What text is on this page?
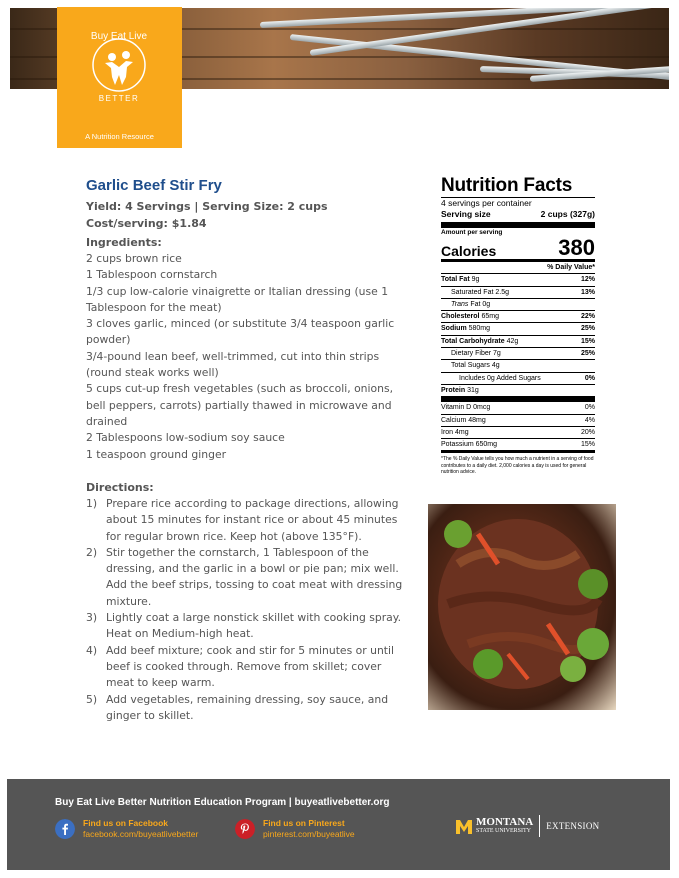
Buy Eat Live
BETTER
A Nutrition Resource
Garlic Beef Stir Fry
Yield: 4 Servings | Serving Size: 2 cups
Cost/serving: $1.84
Ingredients:
2 cups brown rice
1 Tablespoon cornstarch
1/3 cup low-calorie vinaigrette or Italian dressing (use 1 Tablespoon for the meat)
3 cloves garlic, minced (or substitute 3/4 teaspoon garlic powder)
3/4-pound lean beef, well-trimmed, cut into thin strips (round steak works well)
5 cups cut-up fresh vegetables (such as broccoli, onions, bell peppers, carrots) partially thawed in microwave and drained
2 Tablespoons low-sodium soy sauce
1 teaspoon ground ginger
Directions:
1) Prepare rice according to package directions, allowing about 15 minutes for instant rice or about 45 minutes for regular brown rice. Keep hot (above 135°F).
2) Stir together the cornstarch, 1 Tablespoon of the dressing, and the garlic in a bowl or pie pan; mix well. Add the beef strips, tossing to coat meat with dressing mixture.
3) Lightly coat a large nonstick skillet with cooking spray. Heat on Medium-high heat.
4) Add beef mixture; cook and stir for 5 minutes or until beef is cooked through. Remove from skillet; cover meat to keep warm.
5) Add vegetables, remaining dressing, soy sauce, and ginger to skillet.
Nutrition Facts
4 servings per container
Serving size	2 cups (327g)
Amount per serving
Calories	380
% Daily Value*
Total Fat 9g	12%
Saturated Fat 2.5g	13%
Trans Fat 0g
Cholesterol 65mg	22%
Sodium 580mg	25%
Total Carbohydrate 42g	15%
Dietary Fiber 7g	25%
Total Sugars 4g
Includes 0g Added Sugars	0%
Protein 31g
Vitamin D 0mcg	0%
Calcium 48mg	4%
Iron 4mg	20%
Potassium 650mg	15%
*The % Daily Value tells you how much a nutrient in a serving of food contributes to a daily diet. 2,000 calories a day is used for general nutrition advice.
Buy Eat Live Better Nutrition Education Program | buyeatlivebetter.org
Find us on Facebook
facebook.com/buyeatlivebetter
Find us on Pinterest
pinterest.com/buyeatlive
MONTANA
STATE UNIVERSITY EXTENSION
